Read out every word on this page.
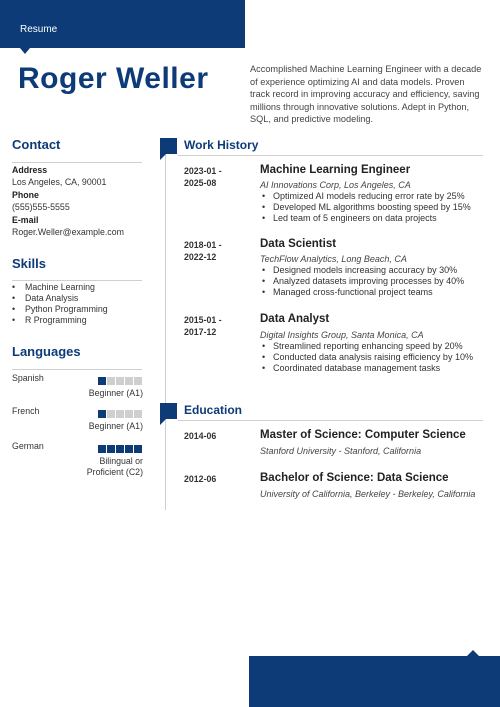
Resume
Roger Weller	Accomplished Machine Learning Engineer with a decade of experience optimizing AI and data models. Proven track record in improving accuracy and efficiency, saving millions through innovative solutions. Adept in Python, SQL, and predictive modeling.
Contact
Address
Los Angeles, CA, 90001
Phone
(555)555-5555
E-mail
Roger.Weller@example.com
Skills
• Machine Learning
• Data Analysis
• Python Programming
• R Programming
Languages
Spanish
Beginner (A1)
French
Beginner (A1)
German
Bilingual or
Proficient (C2)
Work History
2023-01 -
2025-08
Machine Learning Engineer
AI Innovations Corp, Los Angeles, CA
• Optimized AI models reducing error rate by 25%
• Developed ML algorithms boosting speed by 15%
• Led team of 5 engineers on data projects
2018-01 -
2022-12
Data Scientist
TechFlow Analytics, Long Beach, CA
• Designed models increasing accuracy by 30%
• Analyzed datasets improving processes by 40%
• Managed cross-functional project teams
2015-01 -
2017-12
Data Analyst
Digital Insights Group, Santa Monica, CA
• Streamlined reporting enhancing speed by 20%
• Conducted data analysis raising efficiency by 10%
• Coordinated database management tasks
Education
2014-06	Master of Science: Computer Science
Stanford University - Stanford, California
2012-06	Bachelor of Science: Data Science
University of California, Berkeley - Berkeley, California
